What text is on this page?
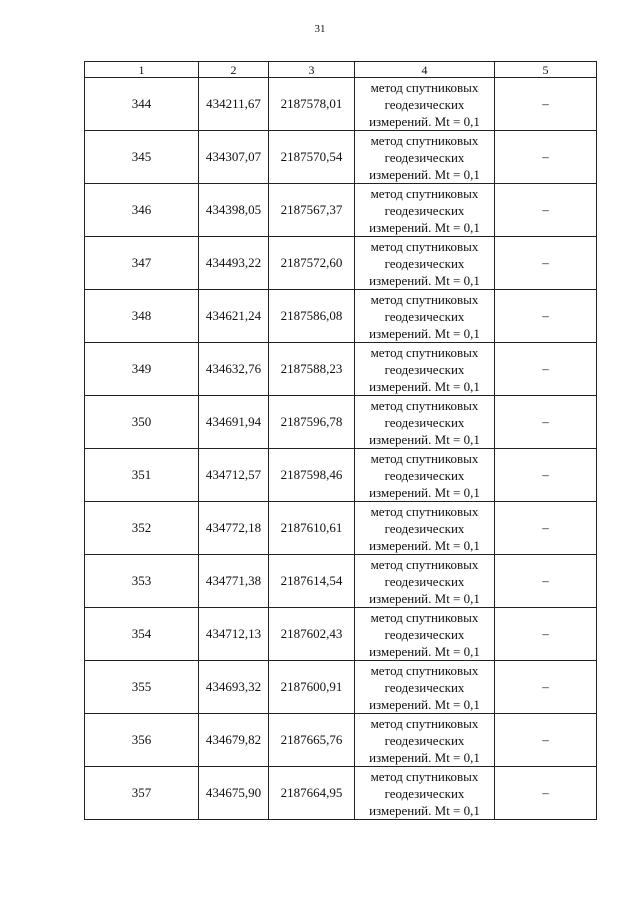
31
1	2	3	4	5
344	434211,67	2187578,01	метод спутниковых
геодезических
измерений. Mt = 0,1	–
345	434307,07	2187570,54	метод спутниковых
геодезических
измерений. Mt = 0,1	–
346	434398,05	2187567,37	метод спутниковых
геодезических
измерений. Mt = 0,1	–
347	434493,22	2187572,60	метод спутниковых
геодезических
измерений. Mt = 0,1	–
348	434621,24	2187586,08	метод спутниковых
геодезических
измерений. Mt = 0,1	–
349	434632,76	2187588,23	метод спутниковых
геодезических
измерений. Mt = 0,1	–
350	434691,94	2187596,78	метод спутниковых
геодезических
измерений. Mt = 0,1	–
351	434712,57	2187598,46	метод спутниковых
геодезических
измерений. Mt = 0,1	–
352	434772,18	2187610,61	метод спутниковых
геодезических
измерений. Mt = 0,1	–
353	434771,38	2187614,54	метод спутниковых
геодезических
измерений. Mt = 0,1	–
354	434712,13	2187602,43	метод спутниковых
геодезических
измерений. Mt = 0,1	–
355	434693,32	2187600,91	метод спутниковых
геодезических
измерений. Mt = 0,1	–
356	434679,82	2187665,76	метод спутниковых
геодезических
измерений. Mt = 0,1	–
357	434675,90	2187664,95	метод спутниковых
геодезических
измерений. Mt = 0,1	–
